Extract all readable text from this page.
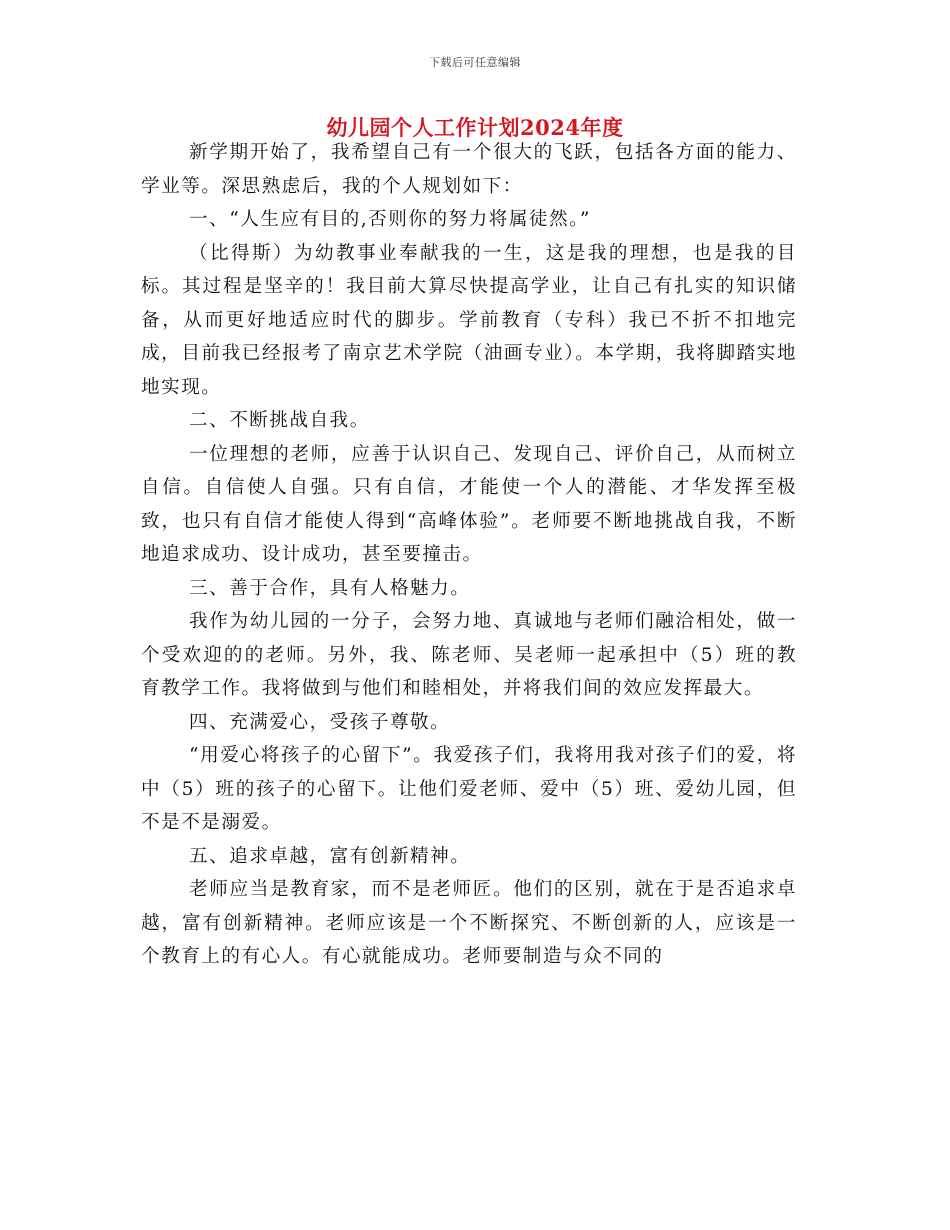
下载后可任意编辑
幼儿园个人工作计划2024年度

新学期开始了，我希望自己有一个很大的飞跃，包括各方面的能力、学业等。深思熟虑后，我的个人规划如下：

一、“人生应有目的,否则你的努力将属徒然。”

（比得斯）为幼教事业奉献我的一生，这是我的理想，也是我的目标。其过程是坚辛的！我目前大算尽快提高学业，让自己有扎实的知识储备，从而更好地适应时代的脚步。学前教育（专科）我已不折不扣地完成，目前我已经报考了南京艺术学院（油画专业）。本学期，我将脚踏实地地实现。

二、不断挑战自我。

一位理想的老师，应善于认识自己、发现自己、评价自己，从而树立自信。自信使人自强。只有自信，才能使一个人的潜能、才华发挥至极致，也只有自信才能使人得到“高峰体验”。老师要不断地挑战自我，不断地追求成功、设计成功，甚至要撞击。

三、善于合作，具有人格魅力。

我作为幼儿园的一分子，会努力地、真诚地与老师们融洽相处，做一个受欢迎的的老师。另外，我、陈老师、吴老师一起承担中（5）班的教育教学工作。我将做到与他们和睦相处，并将我们间的效应发挥最大。

四、充满爱心，受孩子尊敬。

“用爱心将孩子的心留下”。我爱孩子们，我将用我对孩子们的爱，将中（5）班的孩子的心留下。让他们爱老师、爱中（5）班、爱幼儿园，但不是不是溺爱。

五、追求卓越，富有创新精神。

老师应当是教育家，而不是老师匠。他们的区别，就在于是否追求卓越，富有创新精神。老师应该是一个不断探究、不断创新的人，应该是一个教育上的有心人。有心就能成功。老师要制造与众不同的
